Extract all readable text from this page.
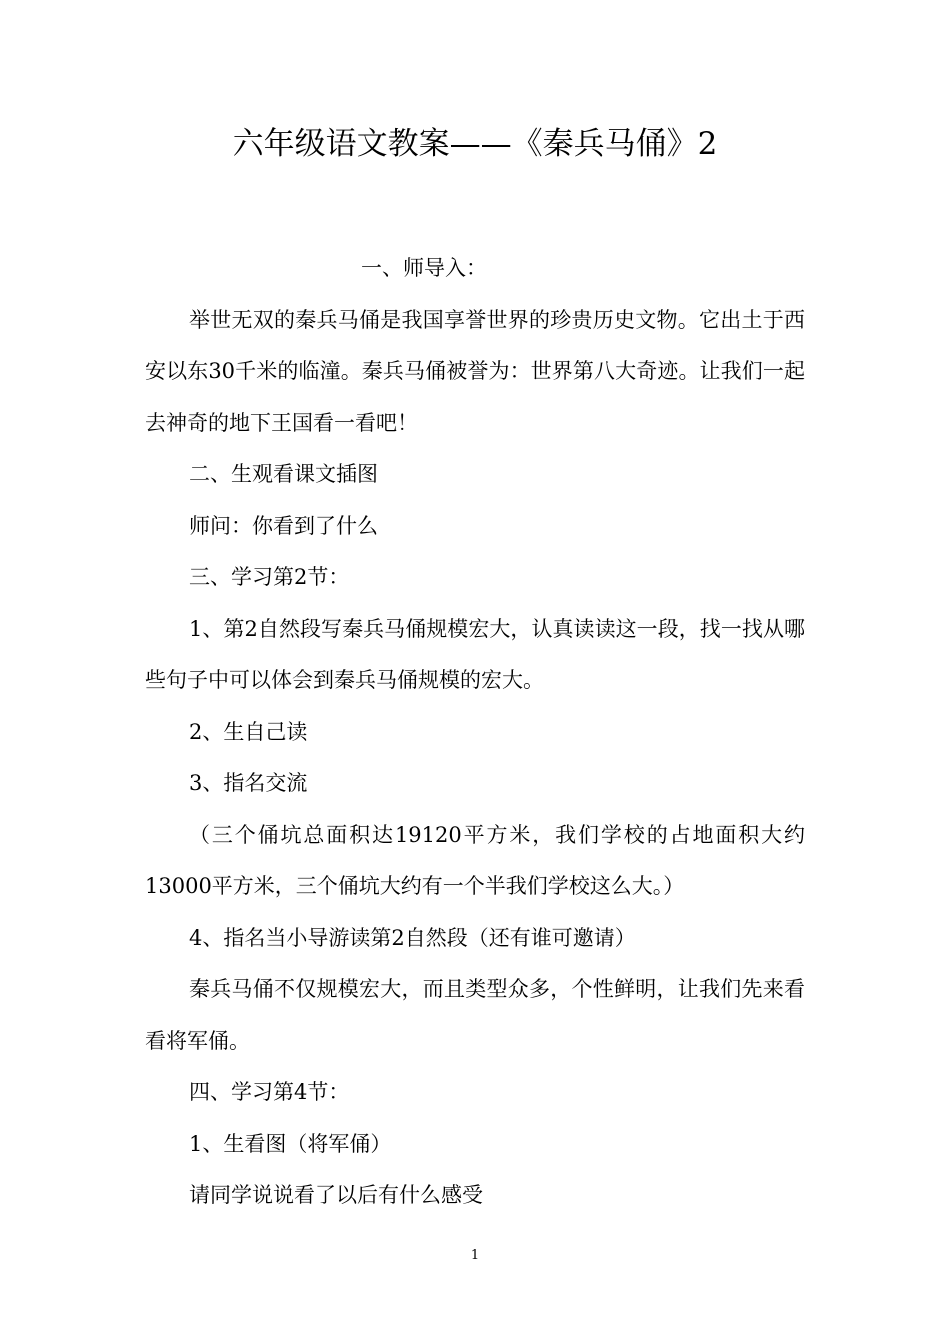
六年级语文教案——《秦兵马俑》2

一、师导入：

举世无双的秦兵马俑是我国享誉世界的珍贵历史文物。它出土于西安以东30千米的临潼。秦兵马俑被誉为：世界第八大奇迹。让我们一起去神奇的地下王国看一看吧！

二、生观看课文插图

师问：你看到了什么

三、学习第2节：

1、第2自然段写秦兵马俑规模宏大，认真读读这一段，找一找从哪些句子中可以体会到秦兵马俑规模的宏大。

2、生自己读

3、指名交流

（三个俑坑总面积达19120平方米，我们学校的占地面积大约13000平方米，三个俑坑大约有一个半我们学校这么大。）

4、指名当小导游读第2自然段（还有谁可邀请）

秦兵马俑不仅规模宏大，而且类型众多，个性鲜明，让我们先来看看将军俑。

四、学习第4节：

1、生看图（将军俑）

请同学说说看了以后有什么感受

1
